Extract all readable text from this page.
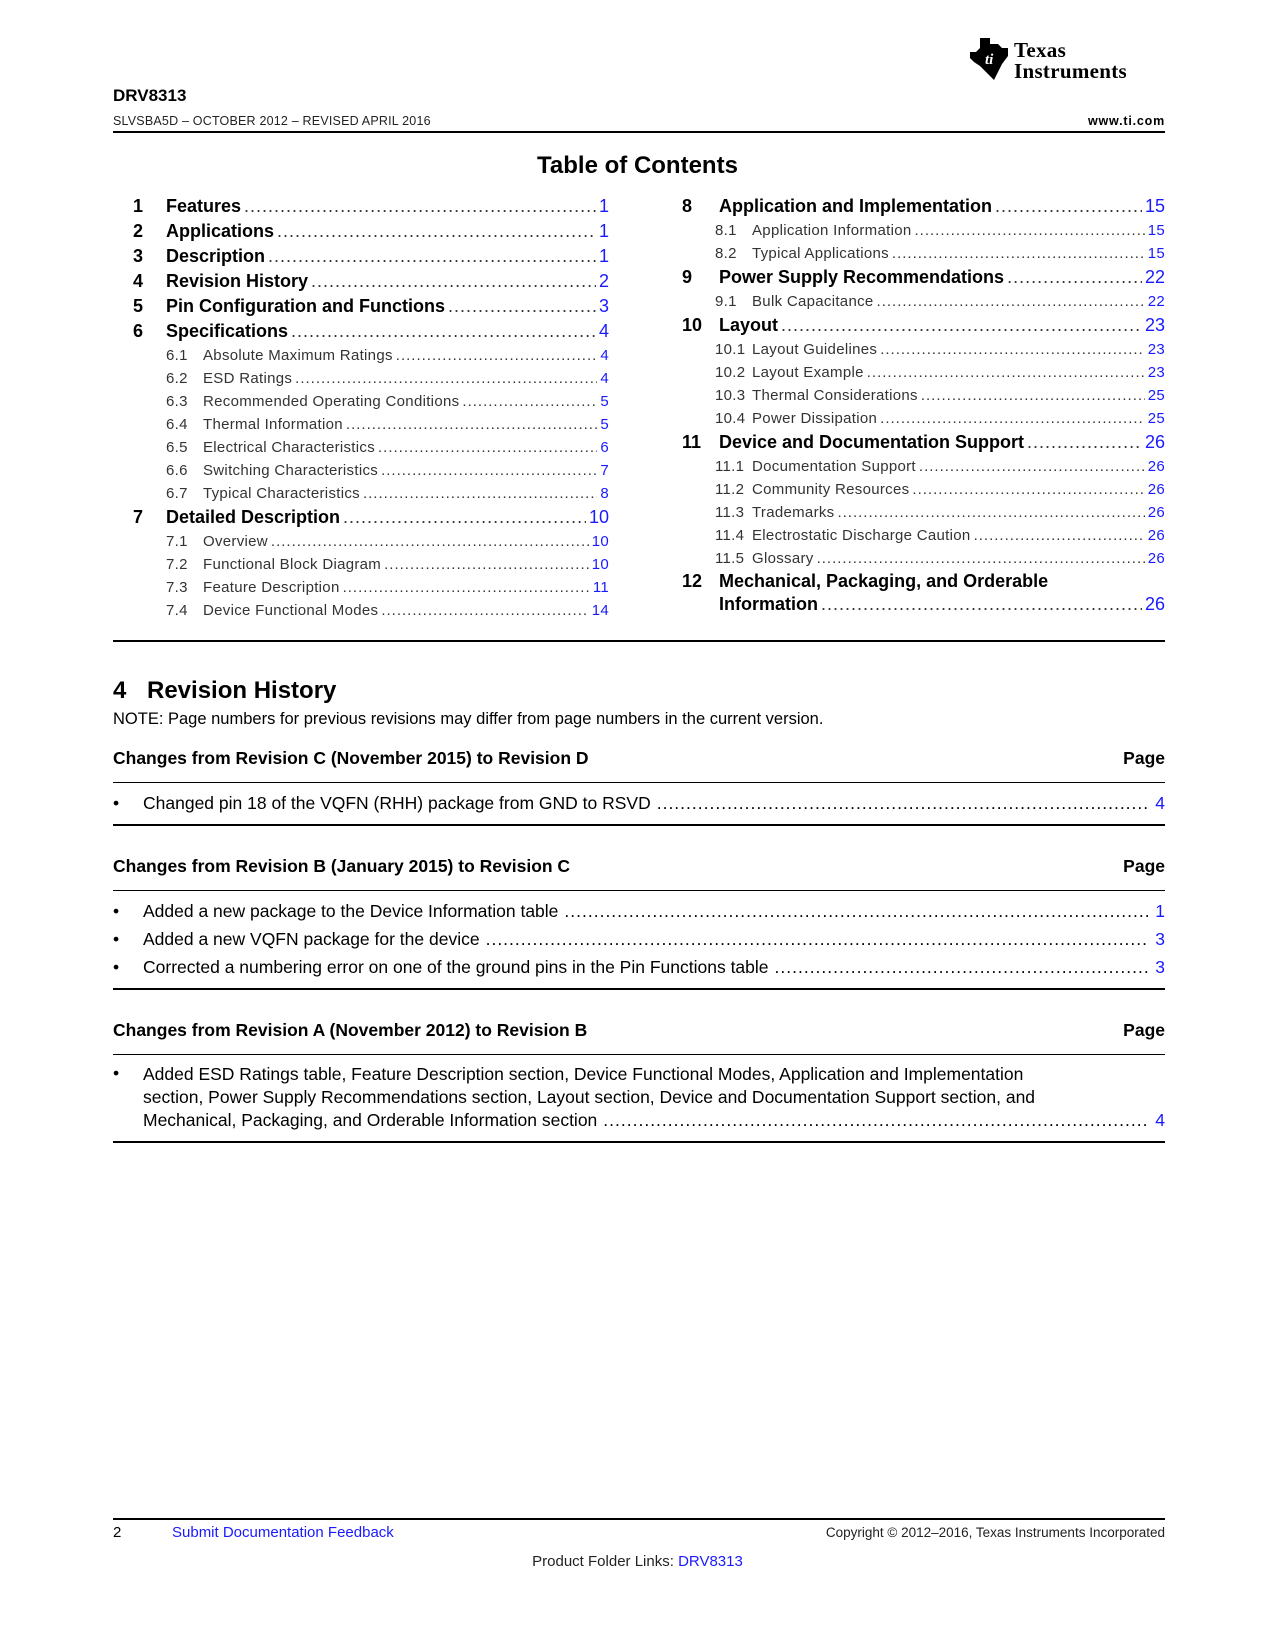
ti Texas
Instruments
DRV8313
SLVSBA5D – OCTOBER 2012 – REVISED APRIL 2016	www.ti.com
Table of Contents
1	Features .....	1
2	Applications .....	1
3	Description .....	1
4	Revision History .....	2
5	Pin Configuration and Functions .....	3
6	Specifications .....	4
6.1	Absolute Maximum Ratings .....	4
6.2	ESD Ratings .....	4
6.3	Recommended Operating Conditions .....	5
6.4	Thermal Information .....	5
6.5	Electrical Characteristics .....	6
6.6	Switching Characteristics .....	7
6.7	Typical Characteristics .....	8
7	Detailed Description .....	10
7.1	Overview .....	10
7.2	Functional Block Diagram .....	10
7.3	Feature Description .....	11
7.4	Device Functional Modes .....	14
8	Application and Implementation .....	15
8.1	Application Information .....	15
8.2	Typical Applications .....	15
9	Power Supply Recommendations .....	22
9.1	Bulk Capacitance .....	22
10 Layout .....	23
10.1 Layout Guidelines .....	23
10.2 Layout Example .....	23
10.3 Thermal Considerations .....	25
10.4 Power Dissipation .....	25
11 Device and Documentation Support .....	26
11.1 Documentation Support .....	26
11.2 Community Resources .....	26
11.3 Trademarks .....	26
11.4 Electrostatic Discharge Caution .....	26
11.5 Glossary .....	26
12 Mechanical, Packaging, and Orderable
Information .....	26
4 Revision History
NOTE: Page numbers for previous revisions may differ from page numbers in the current version.
Changes from Revision C (November 2015) to Revision D	Page
•	Changed pin 18 of the VQFN (RHH) package from GND to RSVD .....	4
Changes from Revision B (January 2015) to Revision C	Page
•	Added a new package to the Device Information table .....	1
•	Added a new VQFN package for the device .....	3
•	Corrected a numbering error on one of the ground pins in the Pin Functions table .....	3
Changes from Revision A (November 2012) to Revision B	Page
• Added ESD Ratings table, Feature Description section, Device Functional Modes, Application and Implementation
section, Power Supply Recommendations section, Layout section, Device and Documentation Support section, and
Mechanical, Packaging, and Orderable Information section .....	4
2	Submit Documentation Feedback	Copyright © 2012–2016, Texas Instruments Incorporated
Product Folder Links: DRV8313
